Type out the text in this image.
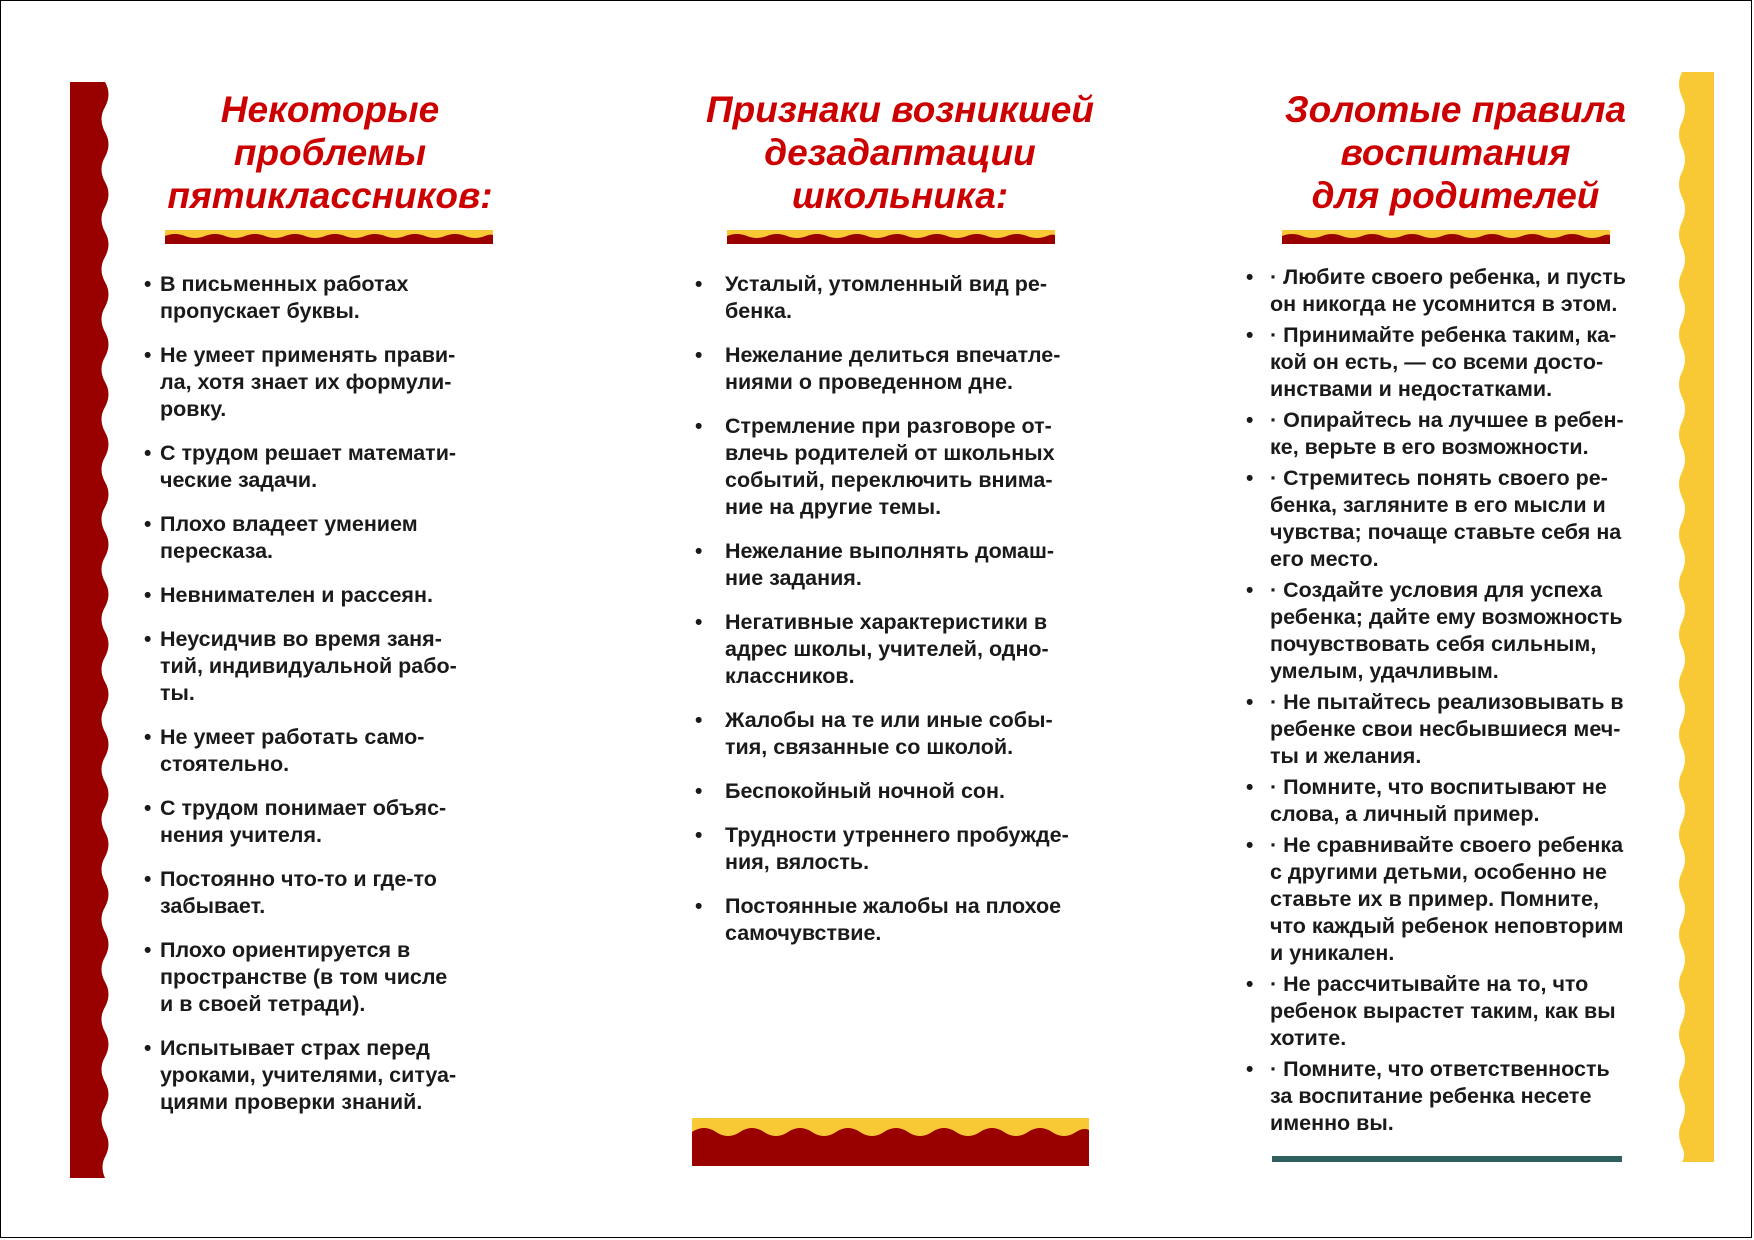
Некоторые
проблемы
пятиклассников:
• В письменных работах
пропускает буквы.
• Не умеет применять прави-
ла, хотя знает их формули-
ровку.
• С трудом решает математи-
ческие задачи.
• Плохо владеет умением
пересказа.
• Невнимателен и рассеян.
• Неусидчив во время заня-
тий, индивидуальной рабо-
ты.
• Не умеет работать само-
стоятельно.
• С трудом понимает объяс-
нения учителя.
• Постоянно что-то и где-то
забывает.
• Плохо ориентируется в
пространстве (в том числе
и в своей тетради).
• Испытывает страх перед
уроками, учителями, ситуа-
циями проверки знаний.
Признаки возникшей
дезадаптации
школьника:
• Усталый, утомленный вид ре-
бенка.
• Нежелание делиться впечатле-
ниями о проведенном дне.
• Стремление при разговоре от-
влечь родителей от школьных
событий, переключить внима-
ние на другие темы.
• Нежелание выполнять домаш-
ние задания.
• Негативные характеристики в
адрес школы, учителей, одно-
классников.
• Жалобы на те или иные собы-
тия, связанные со школой.
• Беспокойный ночной сон.
• Трудности утреннего пробужде-
ния, вялость.
• Постоянные жалобы на плохое
самочувствие.
Золотые правила
воспитания
для родителей
• · Любите своего ребенка, и пусть
он никогда не усомнится в этом.
• · Принимайте ребенка таким, ка-
кой он есть, — со всеми досто-
инствами и недостатками.
• · Опирайтесь на лучшее в ребен-
ке, верьте в его возможности.
• · Стремитесь понять своего ре-
бенка, загляните в его мысли и
чувства; почаще ставьте себя на
его место.
• · Создайте условия для успеха
ребенка; дайте ему возможность
почувствовать себя сильным,
умелым, удачливым.
• · Не пытайтесь реализовывать в
ребенке свои несбывшиеся меч-
ты и желания.
• · Помните, что воспитывают не
слова, а личный пример.
• · Не сравнивайте своего ребенка
с другими детьми, особенно не
ставьте их в пример. Помните,
что каждый ребенок неповторим
и уникален.
• · Не рассчитывайте на то, что
ребенок вырастет таким, как вы
хотите.
• · Помните, что ответственность
за воспитание ребенка несете
именно вы.
